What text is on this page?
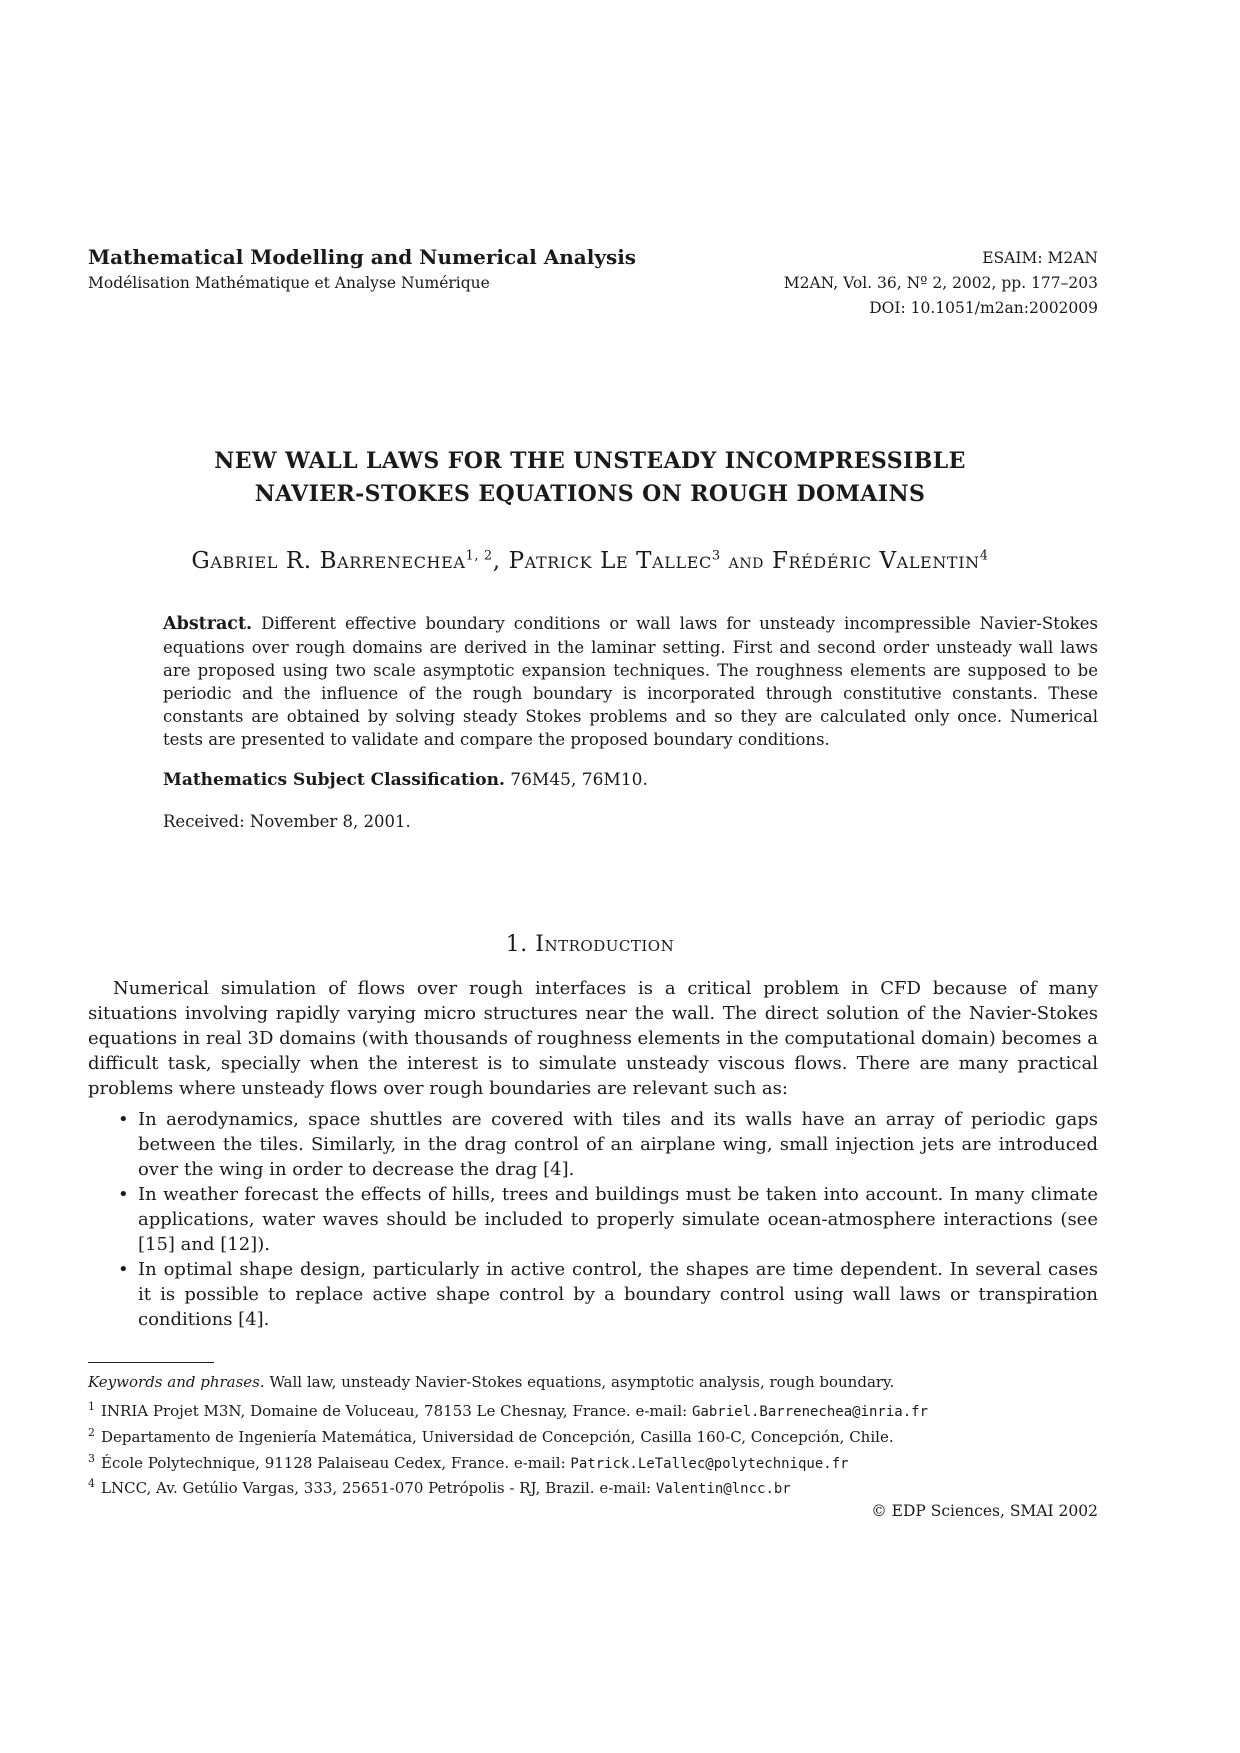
Mathematical Modelling and Numerical Analysis
Modélisation Mathématique et Analyse Numérique
ESAIM: M2AN
M2AN, Vol. 36, Nº 2, 2002, pp. 177–203
DOI: 10.1051/m2an:2002009
NEW WALL LAWS FOR THE UNSTEADY INCOMPRESSIBLE
NAVIER-STOKES EQUATIONS ON ROUGH DOMAINS
Gabriel R. Barrenechea$^{1, 2}$, Patrick Le Tallec$^3$ and Frédéric Valentin$^4$
Abstract. Different effective boundary conditions or wall laws for unsteady incompressible Navier-Stokes equations over rough domains are derived in the laminar setting. First and second order unsteady wall laws are proposed using two scale asymptotic expansion techniques. The roughness elements are supposed to be periodic and the influence of the rough boundary is incorporated through constitutive constants. These constants are obtained by solving steady Stokes problems and so they are calculated only once. Numerical tests are presented to validate and compare the proposed boundary conditions.
Mathematics Subject Classification. 76M45, 76M10.
Received: November 8, 2001.
1. Introduction
Numerical simulation of flows over rough interfaces is a critical problem in CFD because of many situations involving rapidly varying micro structures near the wall. The direct solution of the Navier-Stokes equations in real 3D domains (with thousands of roughness elements in the computational domain) becomes a difficult task, specially when the interest is to simulate unsteady viscous flows. There are many practical problems where unsteady flows over rough boundaries are relevant such as:
• In aerodynamics, space shuttles are covered with tiles and its walls have an array of periodic gaps between the tiles. Similarly, in the drag control of an airplane wing, small injection jets are introduced over the wing in order to decrease the drag [4].
• In weather forecast the effects of hills, trees and buildings must be taken into account. In many climate applications, water waves should be included to properly simulate ocean-atmosphere interactions (see [15] and [12]).
• In optimal shape design, particularly in active control, the shapes are time dependent. In several cases it is possible to replace active shape control by a boundary control using wall laws or transpiration conditions [4].
Keywords and phrases. Wall law, unsteady Navier-Stokes equations, asymptotic analysis, rough boundary.
$^1$ INRIA Projet M3N, Domaine de Voluceau, 78153 Le Chesnay, France. e-mail: Gabriel.Barrenechea@inria.fr
$^2$ Departamento de Ingeniería Matemática, Universidad de Concepción, Casilla 160-C, Concepción, Chile.
$^3$ École Polytechnique, 91128 Palaiseau Cedex, France. e-mail: Patrick.LeTallec@polytechnique.fr
$^4$ LNCC, Av. Getúlio Vargas, 333, 25651-070 Petrópolis - RJ, Brazil. e-mail: Valentin@lncc.br
© EDP Sciences, SMAI 2002
